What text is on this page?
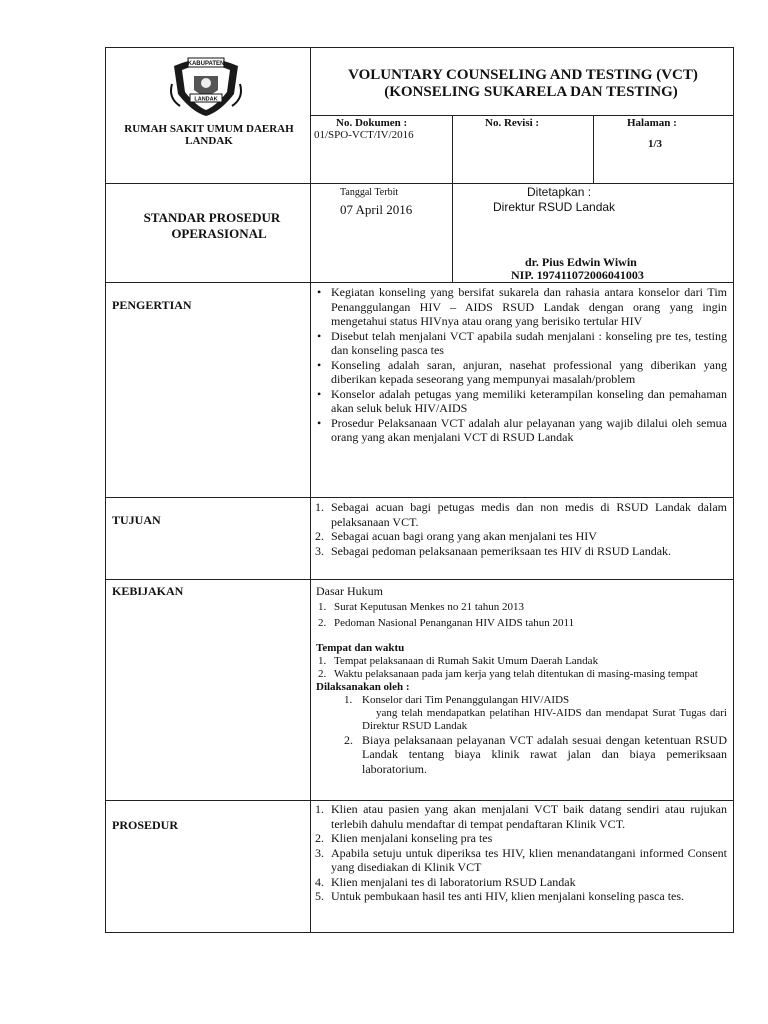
KABUPATEN
LANDAK
RUMAH SAKIT UMUM DAERAH LANDAK
VOLUNTARY COUNSELING AND TESTING (VCT)
(KONSELING SUKARELA DAN TESTING)
No. Dokumen :
01/SPO-VCT/IV/2016
No. Revisi :	Halaman :
1/3
STANDAR PROSEDUR
OPERASIONAL
Tanggal Terbit
07 April 2016
Ditetapkan :
Direktur RSUD Landak
dr. Pius Edwin Wiwin
NIP. 197411072006041003
PENGERTIAN
• Kegiatan konseling yang bersifat sukarela dan rahasia antara konselor dari Tim Penanggulangan HIV – AIDS RSUD Landak dengan orang yang ingin mengetahui status HIVnya atau orang yang berisiko tertular HIV
• Disebut telah menjalani VCT apabila sudah menjalani : konseling pre tes, testing dan konseling pasca tes
• Konseling adalah saran, anjuran, nasehat professional yang diberikan yang diberikan kepada seseorang yang mempunyai masalah/problem
• Konselor adalah petugas yang memiliki keterampilan konseling dan pemahaman akan seluk beluk HIV/AIDS
• Prosedur Pelaksanaan VCT adalah alur pelayanan yang wajib dilalui oleh semua orang yang akan menjalani VCT di RSUD Landak
TUJUAN
1. Sebagai acuan bagi petugas medis dan non medis di RSUD Landak dalam pelaksanaan VCT.
2. Sebagai acuan bagi orang yang akan menjalani tes HIV
3. Sebagai pedoman pelaksanaan pemeriksaan tes HIV di RSUD Landak.
KEBIJAKAN	Dasar Hukum
1. Surat Keputusan Menkes no 21 tahun 2013
2. Pedoman Nasional Penanganan HIV AIDS tahun 2011
Tempat dan waktu
1. Tempat pelaksanaan di Rumah Sakit Umum Daerah Landak
2. Waktu pelaksanaan pada jam kerja yang telah ditentukan di masing-masing tempat
Dilaksanakan oleh :
1. Konselor dari Tim Penanggulangan HIV/AIDS
yang telah mendapatkan pelatihan HIV-AIDS dan mendapat Surat Tugas dari Direktur RSUD Landak
2. Biaya pelaksanaan pelayanan VCT adalah sesuai dengan ketentuan RSUD Landak tentang biaya klinik rawat jalan dan biaya pemeriksaan laboratorium.
PROSEDUR
1. Klien atau pasien yang akan menjalani VCT baik datang sendiri atau rujukan terlebih dahulu mendaftar di tempat pendaftaran Klinik VCT.
2. Klien menjalani konseling pra tes
3. Apabila setuju untuk diperiksa tes HIV, klien menandatangani informed Consent yang disediakan di Klinik VCT
4. Klien menjalani tes di laboratorium RSUD Landak
5. Untuk pembukaan hasil tes anti HIV, klien menjalani konseling pasca tes.
